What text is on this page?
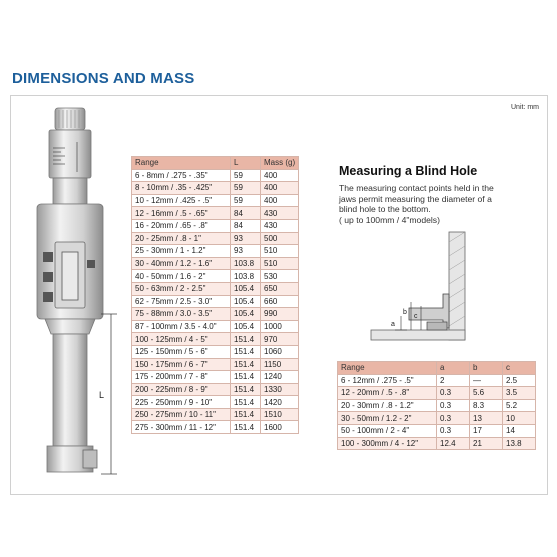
DIMENSIONS AND MASS
Unit: mm
L
Range	L	Mass (g)
6 - 8mm / .275 - .35"	59	400
8 - 10mm / .35 - .425"	59	400
10 - 12mm / .425 - .5"	59	400
12 - 16mm / .5 - .65"	84	430
16 - 20mm / .65 - .8"	84	430
20 - 25mm / .8 - 1"	93	500
25 - 30mm / 1 - 1.2"	93	510
30 - 40mm / 1.2 - 1.6"	103.8	510
40 - 50mm / 1.6 - 2"	103.8	530
50 - 63mm / 2 - 2.5"	105.4	650
62 - 75mm / 2.5 - 3.0"	105.4	660
75 - 88mm / 3.0 - 3.5"	105.4	990
87 - 100mm / 3.5 - 4.0"	105.4	1000
100 - 125mm / 4 - 5"	151.4	970
125 - 150mm / 5 - 6"	151.4	1060
150 - 175mm / 6 - 7"	151.4	1150
175 - 200mm / 7 - 8"	151.4	1240
200 - 225mm / 8 - 9"	151.4	1330
225 - 250mm / 9 - 10"	151.4	1420
250 - 275mm / 10 - 11"	151.4	1510
275 - 300mm / 11 - 12"	151.4	1600
Measuring a Blind Hole
The measuring contact points held in the
jaws permit measuring the diameter of a
blind hole to the bottom.
( up to 100mm / 4"models)
a
b
c
Range	a	b	c
6 - 12mm / .275 - .5"	2	—	2.5
12 - 20mm / .5 - .8"	0.3	5.6	3.5
20 - 30mm / .8 - 1.2"	0.3	8.3	5.2
30 - 50mm / 1.2 - 2"	0.3	13	10
50 - 100mm / 2 - 4"	0.3	17	14
100 - 300mm / 4 - 12"	12.4	21	13.8
